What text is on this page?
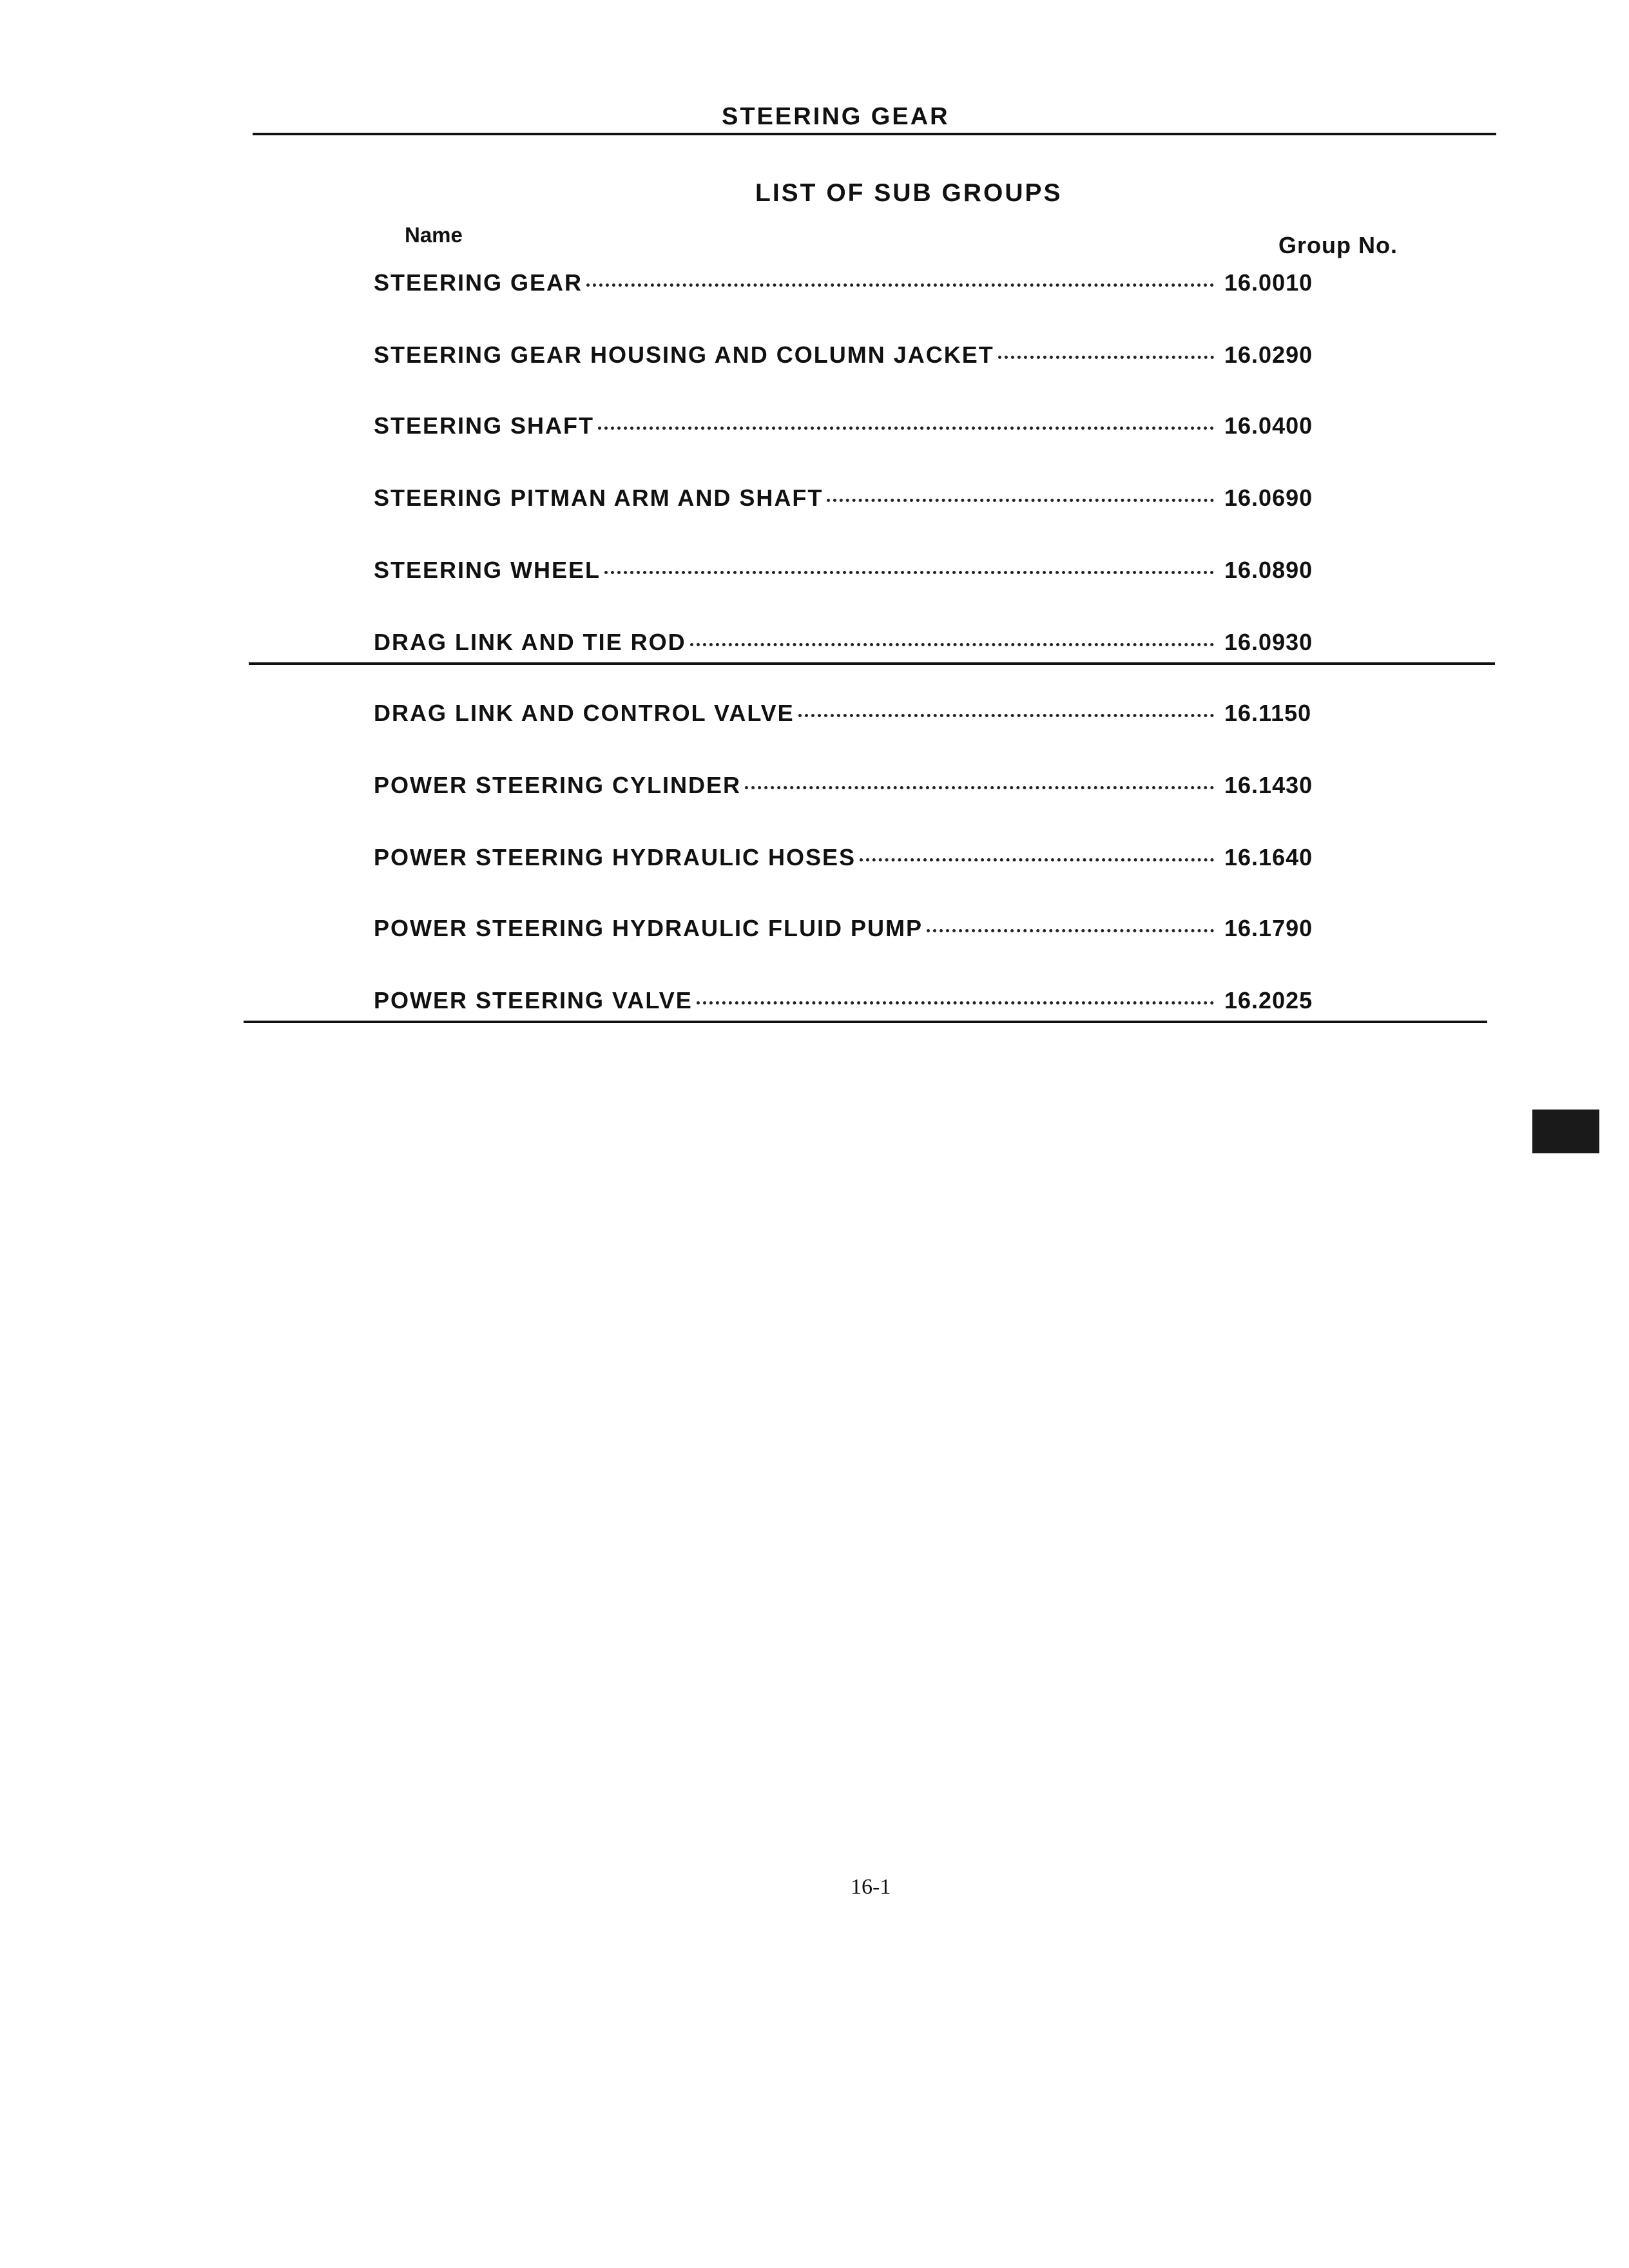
STEERING GEAR
LIST OF SUB GROUPS
Name	Group No.
STEERING GEAR	16.0010
STEERING GEAR HOUSING AND COLUMN JACKET	16.0290
STEERING SHAFT	16.0400
STEERING PITMAN ARM AND SHAFT	16.0690
STEERING WHEEL	16.0890
DRAG LINK AND TIE ROD	16.0930
DRAG LINK AND CONTROL VALVE	16.1150
POWER STEERING CYLINDER	16.1430
POWER STEERING HYDRAULIC HOSES	16.1640
POWER STEERING HYDRAULIC FLUID PUMP	16.1790
POWER STEERING VALVE	16.2025
16-1
